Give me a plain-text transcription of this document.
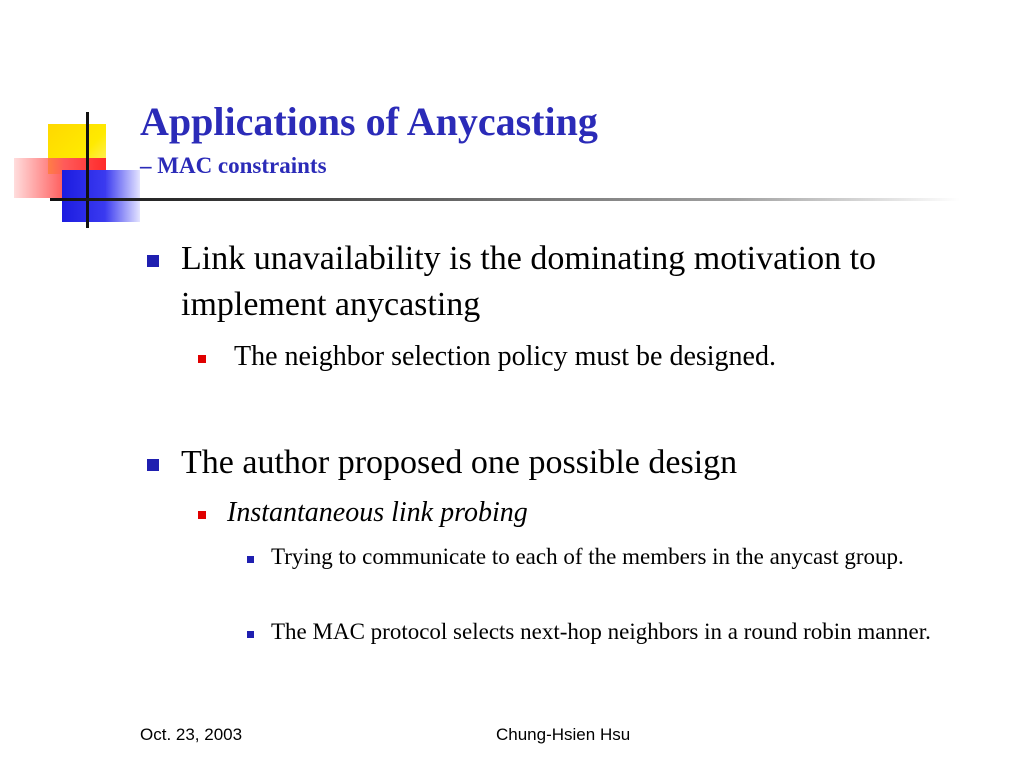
Applications of Anycasting
– MAC constraints
Link unavailability is the dominating motivation to implement anycasting
The neighbor selection policy must be designed.
The author proposed one possible design
Instantaneous link probing
Trying to communicate to each of the members in the anycast group.
The MAC protocol selects next-hop neighbors in a round robin manner.
Oct. 23, 2003	Chung-Hsien Hsu
